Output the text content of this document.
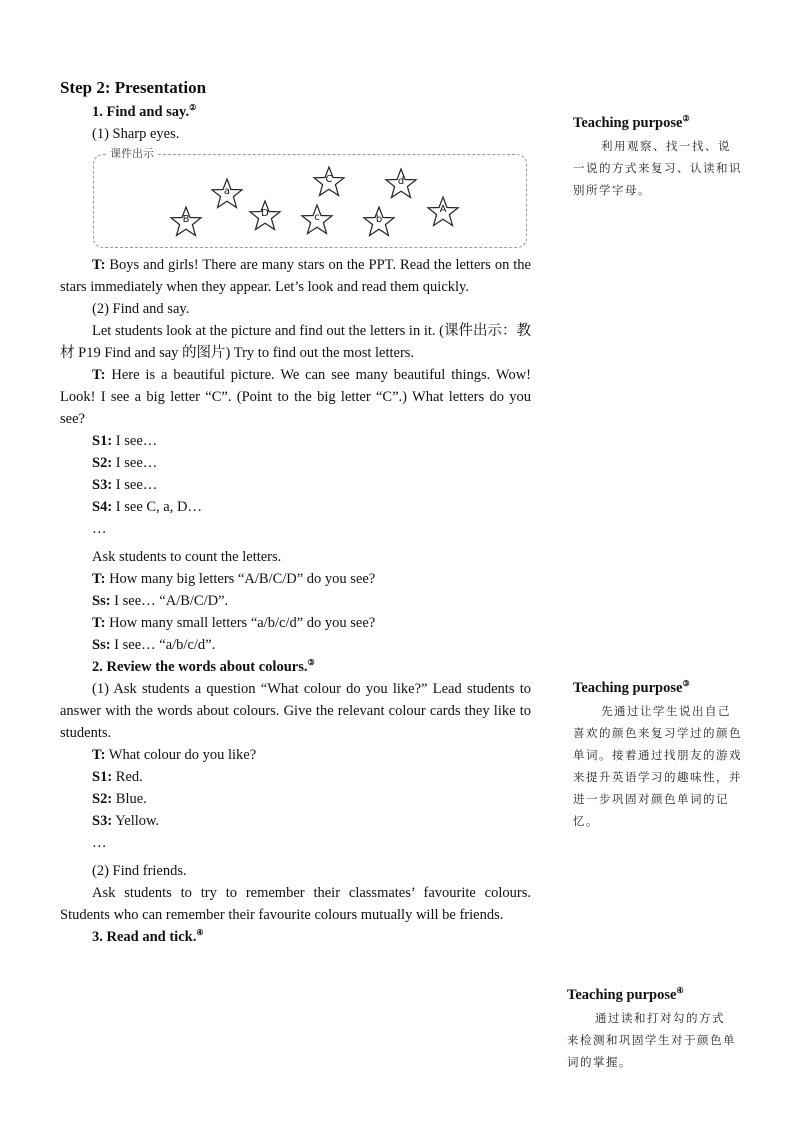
Step 2: Presentation
1. Find and say.②
(1) Sharp eyes.
课件出示
a
C	d
B
D	c	b
A
T: Boys and girls! There are many stars on the PPT. Read the letters on the stars immediately when they appear. Let’s look and read them quickly.
(2) Find and say.
Let students look at the picture and find out the letters in it. (课件出示：教材 P19 Find and say 的图片) Try to find out the most letters.
T: Here is a beautiful picture. We can see many beautiful things. Wow! Look! I see a big letter “C”. (Point to the big letter “C”.) What letters do you see?
S1: I see…
S2: I see…
S3: I see…
S4: I see C, a, D…
…
Ask students to count the letters.
T: How many big letters “A/B/C/D” do you see?
Ss: I see… “A/B/C/D”.
T: How many small letters “a/b/c/d” do you see?
Ss: I see… “a/b/c/d”.
2. Review the words about colours.③
(1) Ask students a question “What colour do you like?” Lead students to answer with the words about colours. Give the relevant colour cards they like to students.
T: What colour do you like?
S1: Red.
S2: Blue.
S3: Yellow.
…
(2) Find friends.
Ask students to try to remember their classmates’ favourite colours. Students who can remember their favourite colours mutually will be friends.
3. Read and tick.④
Teaching purpose②
利用观察、找一找、说一说的方式来复习、认读和识别所学字母。
Teaching purpose③
先通过让学生说出自己喜欢的颜色来复习学过的颜色单词。接着通过找朋友的游戏来提升英语学习的趣味性，并进一步巩固对颜色单词的记忆。
Teaching purpose④
通过读和打对勾的方式来检测和巩固学生对于颜色单词的掌握。
